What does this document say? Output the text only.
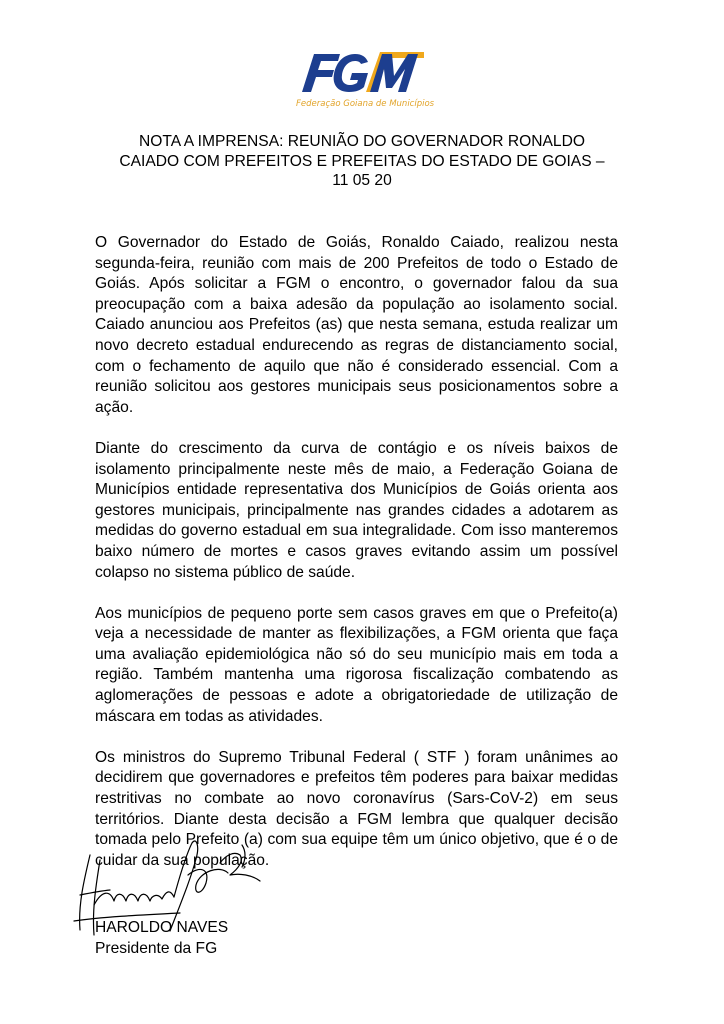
Federação Goiana de Municípios
NOTA A IMPRENSA: REUNIÃO DO GOVERNADOR RONALDO
CAIADO COM PREFEITOS E PREFEITAS DO ESTADO DE GOIAS –
11 05 20

O Governador do Estado de Goiás, Ronaldo Caiado, realizou nesta segunda-feira, reunião com mais de 200 Prefeitos de todo o Estado de Goiás. Após solicitar a FGM o encontro, o governador falou da sua preocupação com a baixa adesão da população ao isolamento social. Caiado anunciou aos Prefeitos (as) que nesta semana, estuda realizar um novo decreto estadual endurecendo as regras de distanciamento social, com o fechamento de aquilo que não é considerado essencial. Com a reunião solicitou aos gestores municipais seus posicionamentos sobre a ação.

Diante do crescimento da curva de contágio e os níveis baixos de isolamento principalmente neste mês de maio, a Federação Goiana de Municípios entidade representativa dos Municípios de Goiás orienta aos gestores municipais, principalmente nas grandes cidades a adotarem as medidas do governo estadual em sua integralidade. Com isso manteremos baixo número de mortes e casos graves evitando assim um possível colapso no sistema público de saúde.

Aos municípios de pequeno porte sem casos graves em que o Prefeito(a) veja a necessidade de manter as flexibilizações, a FGM orienta que faça uma avaliação epidemiológica não só do seu município mais em toda a região. Também mantenha uma rigorosa fiscalização combatendo as aglomerações de pessoas e adote a obrigatoriedade de utilização de máscara em todas as atividades.

Os ministros do Supremo Tribunal Federal ( STF ) foram unânimes ao decidirem que governadores e prefeitos têm poderes para baixar medidas restritivas no combate ao novo coronavírus (Sars-CoV-2) em seus territórios. Diante desta decisão a FGM lembra que qualquer decisão tomada pelo Prefeito (a) com sua equipe têm um único objetivo, que é o de cuidar da sua população.

HAROLDO NAVES
Presidente da FG
